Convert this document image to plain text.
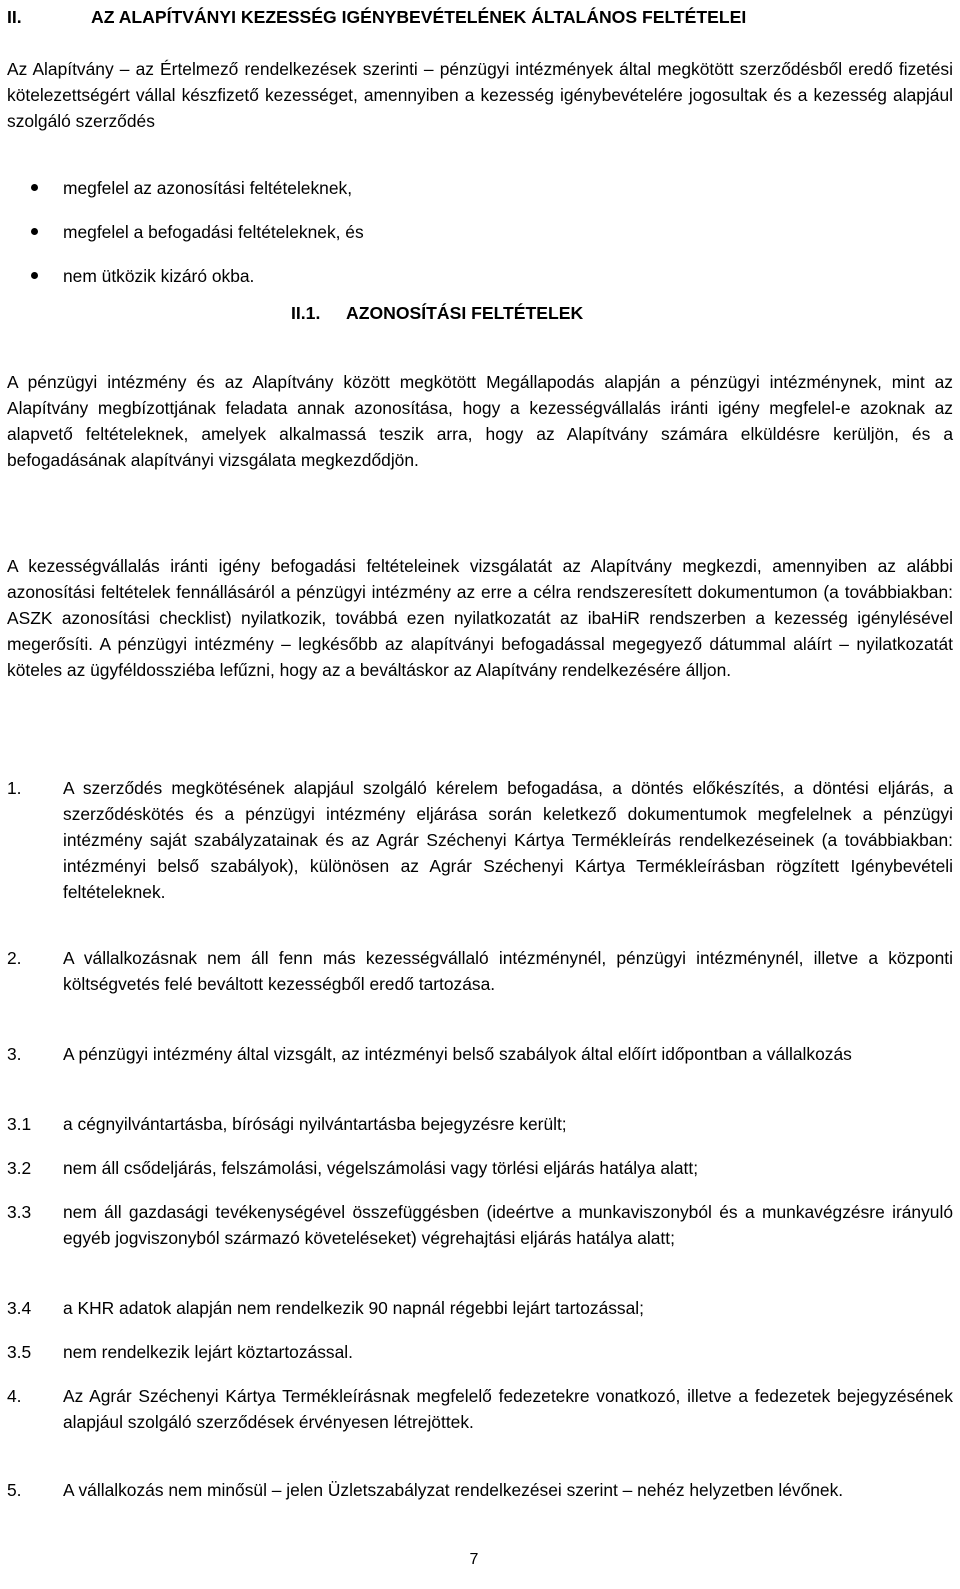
II.	AZ ALAPÍTVÁNYI KEZESSÉG IGÉNYBEVÉTELÉNEK ÁLTALÁNOS FELTÉTELEI
Az Alapítvány – az Értelmező rendelkezések szerinti – pénzügyi intézmények által megkötött szerződésből eredő fizetési kötelezettségért vállal készfizető kezességet, amennyiben a kezesség igénybevételére jogosultak és a kezesség alapjául szolgáló szerződés
megfelel az azonosítási feltételeknek,
megfelel a befogadási feltételeknek, és
nem ütközik kizáró okba.
II.1. AZONOSÍTÁSI FELTÉTELEK
A pénzügyi intézmény és az Alapítvány között megkötött Megállapodás alapján a pénzügyi intézménynek, mint az Alapítvány megbízottjának feladata annak azonosítása, hogy a kezességvállalás iránti igény megfelel-e azoknak az alapvető feltételeknek, amelyek alkalmassá teszik arra, hogy az Alapítvány számára elküldésre kerüljön, és a befogadásának alapítványi vizsgálata megkezdődjön.
A kezességvállalás iránti igény befogadási feltételeinek vizsgálatát az Alapítvány megkezdi, amennyiben az alábbi azonosítási feltételek fennállásáról a pénzügyi intézmény az erre a célra rendszeresített dokumentumon (a továbbiakban: ASZK azonosítási checklist) nyilatkozik, továbbá ezen nyilatkozatát az ibaHiR rendszerben a kezesség igénylésével megerősíti. A pénzügyi intézmény – legkésőbb az alapítványi befogadással megegyező dátummal aláírt – nyilatkozatát köteles az ügyféldossziéba lefűzni, hogy az a beváltáskor az Alapítvány rendelkezésére álljon.
1. A szerződés megkötésének alapjául szolgáló kérelem befogadása, a döntés előkészítés, a döntési eljárás, a szerződéskötés és a pénzügyi intézmény eljárása során keletkező dokumentumok megfelelnek a pénzügyi intézmény saját szabályzatainak és az Agrár Széchenyi Kártya Termékleírás rendelkezéseinek (a továbbiakban: intézményi belső szabályok), különösen az Agrár Széchenyi Kártya Termékleírásban rögzített Igénybevételi feltételeknek.
2. A vállalkozásnak nem áll fenn más kezességvállaló intézménynél, pénzügyi intézménynél, illetve a központi költségvetés felé beváltott kezességből eredő tartozása.
3. A pénzügyi intézmény által vizsgált, az intézményi belső szabályok által előírt időpontban a vállalkozás
3.1 a cégnyilvántartásba, bírósági nyilvántartásba bejegyzésre került;
3.2 nem áll csődeljárás, felszámolási, végelszámolási vagy törlési eljárás hatálya alatt;
3.3 nem áll gazdasági tevékenységével összefüggésben (ideértve a munkaviszonyból és a munkavégzésre irányuló egyéb jogviszonyból származó követeléseket) végrehajtási eljárás hatálya alatt;
3.4 a KHR adatok alapján nem rendelkezik 90 napnál régebbi lejárt tartozással;
3.5 nem rendelkezik lejárt köztartozással.
4. Az Agrár Széchenyi Kártya Termékleírásnak megfelelő fedezetekre vonatkozó, illetve a fedezetek bejegyzésének alapjául szolgáló szerződések érvényesen létrejöttek.
5. A vállalkozás nem minősül – jelen Üzletszabályzat rendelkezései szerint – nehéz helyzetben lévőnek.
7
